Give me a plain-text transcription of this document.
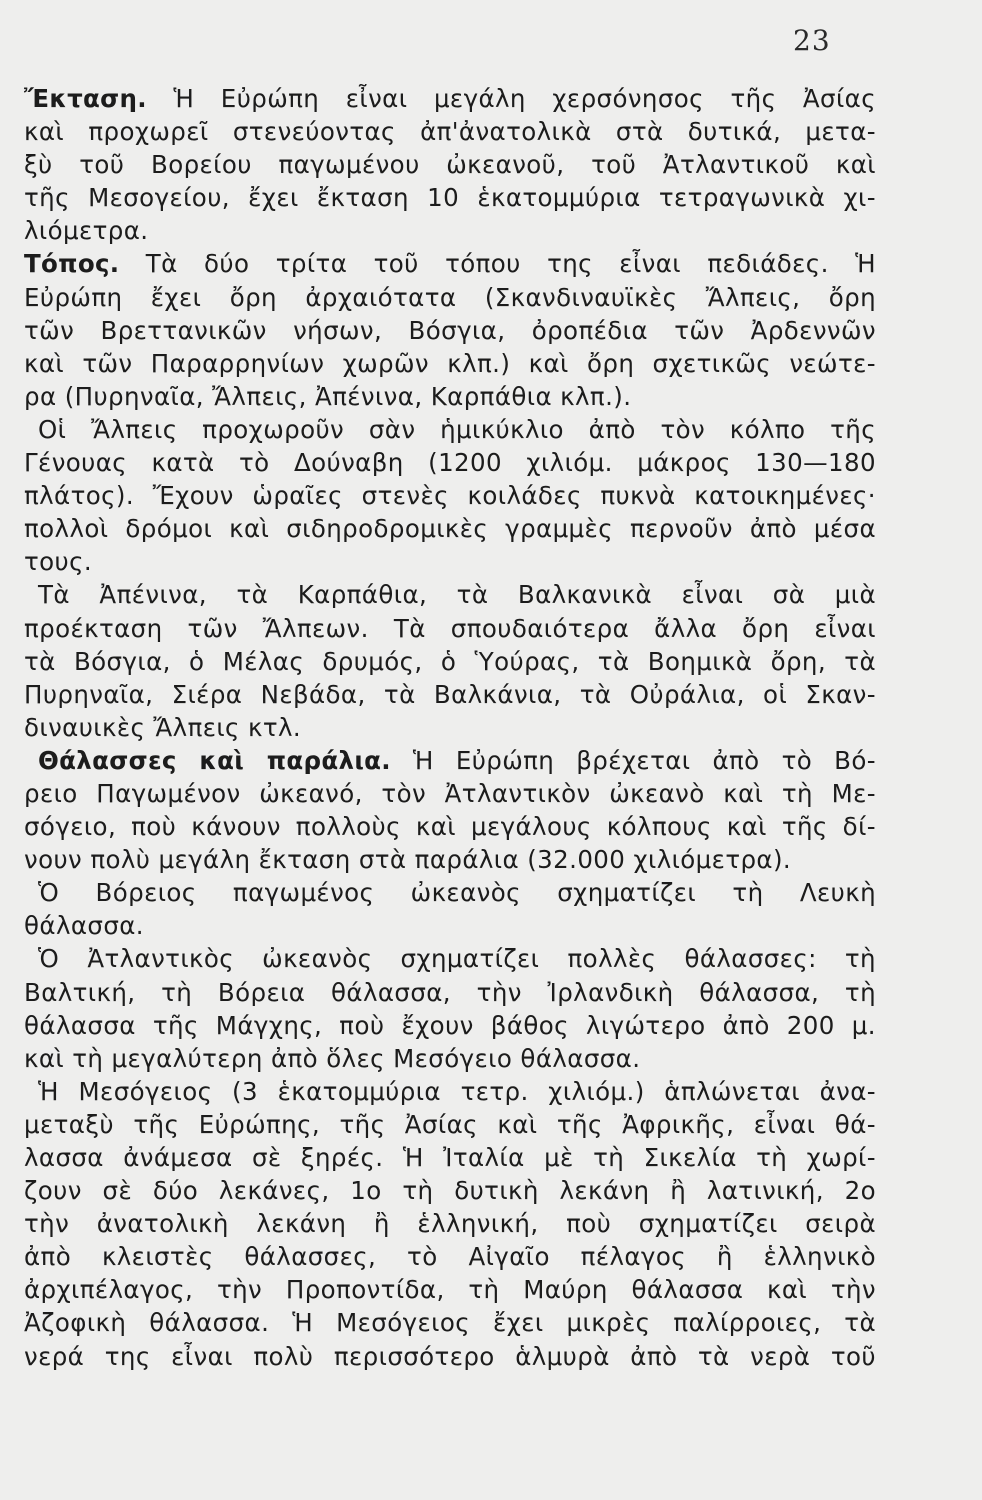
23
Ἔκταση. Ἡ Εὐρώπη εἶναι μεγάλη χερσόνησος τῆς Ἀσίας
καὶ προχωρεῖ στενεύοντας ἀπ'ἀνατολικὰ στὰ δυτικά, μετα-
ξὺ τοῦ Βορείου παγωμένου ὠκεανοῦ, τοῦ Ἀτλαντικοῦ καὶ
τῆς Μεσογείου, ἔχει ἔκταση 10 ἑκατομμύρια τετραγωνικὰ χι-
λιόμετρα.
Τόπος. Τὰ δύο τρίτα τοῦ τόπου της εἶναι πεδιάδες. Ἡ
Εὐρώπη ἔχει ὄρη ἀρχαιότατα (Σκανδιναυϊκὲς Ἄλπεις, ὄρη
τῶν Βρεττανικῶν νήσων, Βόσγια, ὀροπέδια τῶν Ἀρδεννῶν
καὶ τῶν Παραρρηνίων χωρῶν κλπ.) καὶ ὄρη σχετικῶς νεώτε-
ρα (Πυρηναῖα, Ἄλπεις, Ἀπένινα, Καρπάθια κλπ.).
Οἱ Ἄλπεις προχωροῦν σὰν ἡμικύκλιο ἀπὸ τὸν κόλπο τῆς
Γένουας κατὰ τὸ Δούναβη (1200 χιλιόμ. μάκρος 130—180
πλάτος). Ἔχουν ὡραῖες στενὲς κοιλάδες πυκνὰ κατοικημένες·
πολλοὶ δρόμοι καὶ σιδηροδρομικὲς γραμμὲς περνοῦν ἀπὸ μέσα
τους.
Τὰ Ἀπένινα, τὰ Καρπάθια, τὰ Βαλκανικὰ εἶναι σὰ μιὰ
προέκταση τῶν Ἄλπεων. Τὰ σπουδαιότερα ἄλλα ὄρη εἶναι
τὰ Βόσγια, ὁ Μέλας δρυμός, ὁ Ὑούρας, τὰ Βοημικὰ ὄρη, τὰ
Πυρηναῖα, Σιέρα Νεβάδα, τὰ Βαλκάνια, τὰ Οὐράλια, οἱ Σκαν-
διναυικὲς Ἄλπεις κτλ.
Θάλασσες καὶ παράλια. Ἡ Εὐρώπη βρέχεται ἀπὸ τὸ Βό-
ρειο Παγωμένον ὠκεανό, τὸν Ἀτλαντικὸν ὠκεανὸ καὶ τὴ Με-
σόγειο, ποὺ κάνουν πολλοὺς καὶ μεγάλους κόλπους καὶ τῆς δί-
νουν πολὺ μεγάλη ἔκταση στὰ παράλια (32.000 χιλιόμετρα).
Ὁ Βόρειος παγωμένος ὠκεανὸς σχηματίζει τὴ Λευκὴ
θάλασσα.
Ὁ Ἀτλαντικὸς ὠκεανὸς σχηματίζει πολλὲς θάλασσες: τὴ
Βαλτική, τὴ Βόρεια θάλασσα, τὴν Ἰρλανδικὴ θάλασσα, τὴ
θάλασσα τῆς Μάγχης, ποὺ ἔχουν βάθος λιγώτερο ἀπὸ 200 μ.
καὶ τὴ μεγαλύτερη ἀπὸ ὅλες Μεσόγειο θάλασσα.
Ἡ Μεσόγειος (3 ἑκατομμύρια τετρ. χιλιόμ.) ἁπλώνεται ἀνα-
μεταξὺ τῆς Εὐρώπης, τῆς Ἀσίας καὶ τῆς Ἀφρικῆς, εἶναι θά-
λασσα ἀνάμεσα σὲ ξηρές. Ἡ Ἰταλία μὲ τὴ Σικελία τὴ χωρί-
ζουν σὲ δύο λεκάνες, 1ο τὴ δυτικὴ λεκάνη ἢ λατινική, 2ο
τὴν ἀνατολικὴ λεκάνη ἢ ἑλληνική, ποὺ σχηματίζει σειρὰ
ἀπὸ κλειστὲς θάλασσες, τὸ Αἰγαῖο πέλαγος ἢ ἑλληνικὸ
ἀρχιπέλαγος, τὴν Προποντίδα, τὴ Μαύρη θάλασσα καὶ τὴν
Ἀζοφικὴ θάλασσα. Ἡ Μεσόγειος ἔχει μικρὲς παλίρροιες, τὰ
νερά της εἶναι πολὺ περισσότερο ἁλμυρὰ ἀπὸ τὰ νερὰ τοῦ
